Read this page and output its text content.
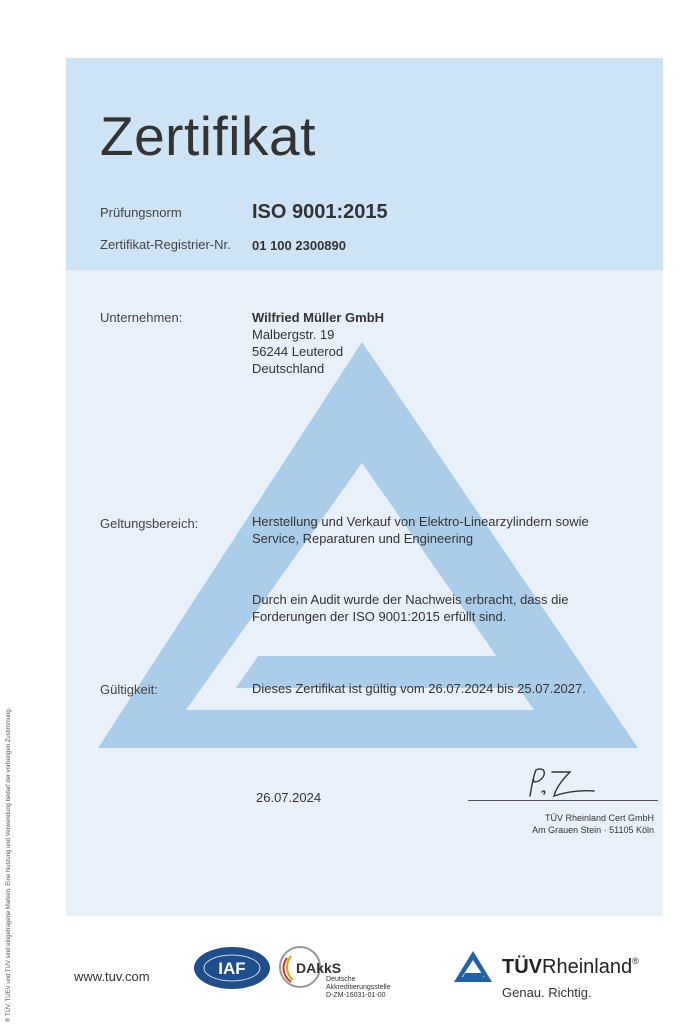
Zertifikat
Prüfungsnorm	ISO 9001:2015
Zertifikat-Registrier-Nr. 01 100 2300890
Unternehmen:	Wilfried Müller GmbH
Malbergstr. 19
56244 Leuterod
Deutschland
Geltungsbereich:	Herstellung und Verkauf von Elektro-Linearzylindern sowie
Service, Reparaturen und Engineering
Durch ein Audit wurde der Nachweis erbracht, dass die
Forderungen der ISO 9001:2015 erfüllt sind.
Gültigkeit:	Dieses Zertifikat ist gültig vom 26.07.2024 bis 25.07.2027.
26.07.2024
TÜV Rheinland Cert GmbH
Am Grauen Stein · 51105 Köln
® TÜV, TUEV und TUV sind eingetragene Marken. Eine Nutzung und Verwendung bedarf der vorherigen Zustimmung.	www.tuv.com	IAF	DAkkS
Deutsche
Akkreditierungsstelle
D-ZM-16031-01-00
TÜVRheinland®
Genau. Richtig.
